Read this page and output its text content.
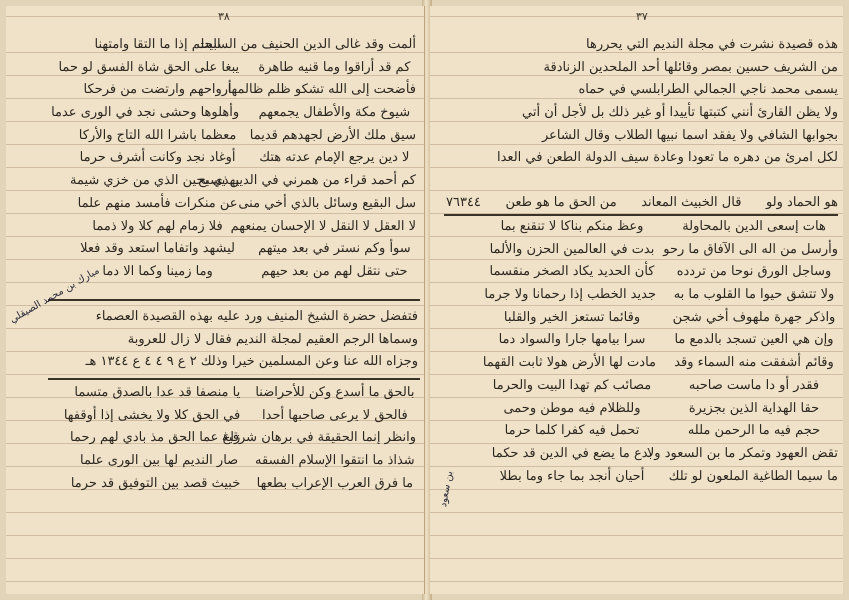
٣٨
ألمت وقد غالى الدين الحنيف من السبيت
الحلم إذا ما التقا وامتهنا
كم قد أراقوا وما قنيه طاهرة
يبغا على الحق شاة الفسق لو حما
فأضحت إلى الله تشكو ظلم ظالمها
أرواحهم وارتضت من فرحكا
شيوخ مكة والأطفال يجمعهم
وأهلوها وحشى نجد في الورى عدما
سيق ملك الأرض لجهدهم قديما
معظما باشرا الله التاج والأركا
لا دين يرجع الإمام عدته هتك
أوغاد نجد وكانت أشرف حرما
كم أحمد قراء من همرني في الدين يسبح
يهذي بحين الذي من خزي شيمة
سل البقيع وسائل بالذي أخي منى
عن منكرات فأمسد منهم علما
لا العقل لا النقل لا الإحسان يمنعهم
فلا زمام لهم كلا ولا ذمما
سوأ وكم نستر في بعد ميتهم
ليشهد واتفاما استعد وقد فعلا
حتى نتقل لهم من بعد حيهم
وما زمينا وكما الا دما
فتفضل حضرة الشيخ المنيف ورد عليه بهذه القصيدة العصماء
وسماها الرجم العقيم لمجلة النديم فقال لا زال للعروبة
وجزاه الله عنا وعن المسلمين خيرا وذلك ٢ ع ٩ ٤ ٤ ع ١٣٤٤ هـ
بالحق ما أسدع وكن للأحراضنا
يا منصفا قد عدا بالصدق متسما
فالحق لا يرعى صاحبها أحدا
في الحق كلا ولا يخشى إذا أوقفها
وانظر إنما الحقيقة في برهان شرقية
زاغ عما الحق مذ بادي لهم رحما
شذاذ ما انتقوا الإسلام الفسقه
صار النديم لها بين الورى علما
ما فرق العرب الإعراب بطعها
خبيث قصد بين التوفيق قد حرما
مبارك بن محمد الصيقلي
٣٧
هذه قصيدة نشرت في مجلة النديم التي يحررها
من الشريف حسين بمصر وقائلها أحد الملحدين الزنادقة
يسمى محمد ناجي الجمالي الطرابلسي في حماه
ولا يظن القارئ أنني كتبتها تأييدا أو غير ذلك بل لأجل أن أتي
بجوابها الشافي ولا يفقد اسما نبيها الطلاب وقال الشاعر
لكل امرئ من دهره ما تعودا وعادة سيف الدولة الطعن في العدا
هو الحماد ولو
قال الخبيث المعاند
من الحق ما هو طعن
٧٦٣٤٤
هات إسعى الدين بالمحاولة
وعظ منكم بناكا لا تنقنع بما
وأرسل من اله الى الآفاق ما رحو
بدت في العالمين الحزن والألما
وساجل الورق نوحا من تردده
كأن الحديد يكاد الصخر منقسما
ولا تتشق حيوا ما القلوب ما به
جديد الخطب إذا رحمانا ولا جرما
واذكر جهرة ملهوف أخي شجن
وقائما تستعز الخير والقلبا
وإن هي العين تسجد بالدمع ما
سرا بيامها جارا والسواد دما
وقائم أشفقت منه السماء وقد
مادت لها الأرض هولا ثابت القهما
فقدر أو دا ماست صاحبه
مصائب كم تهدا البيت والحرما
حقا الهداية الذين بجزيرة
وللظلام فيه موطن وحمى
حجم فيه ما الرحمن ملله
تحمل فيه كفرا كلما حرما
تقض العهود وتمكر ما بن السعود ولا
بدع ما يضع في الدين قد حكما
ما سيما الطاغية الملعون لو تلك
أحيان أنجد بما جاء وما بطلا
بن سعود
